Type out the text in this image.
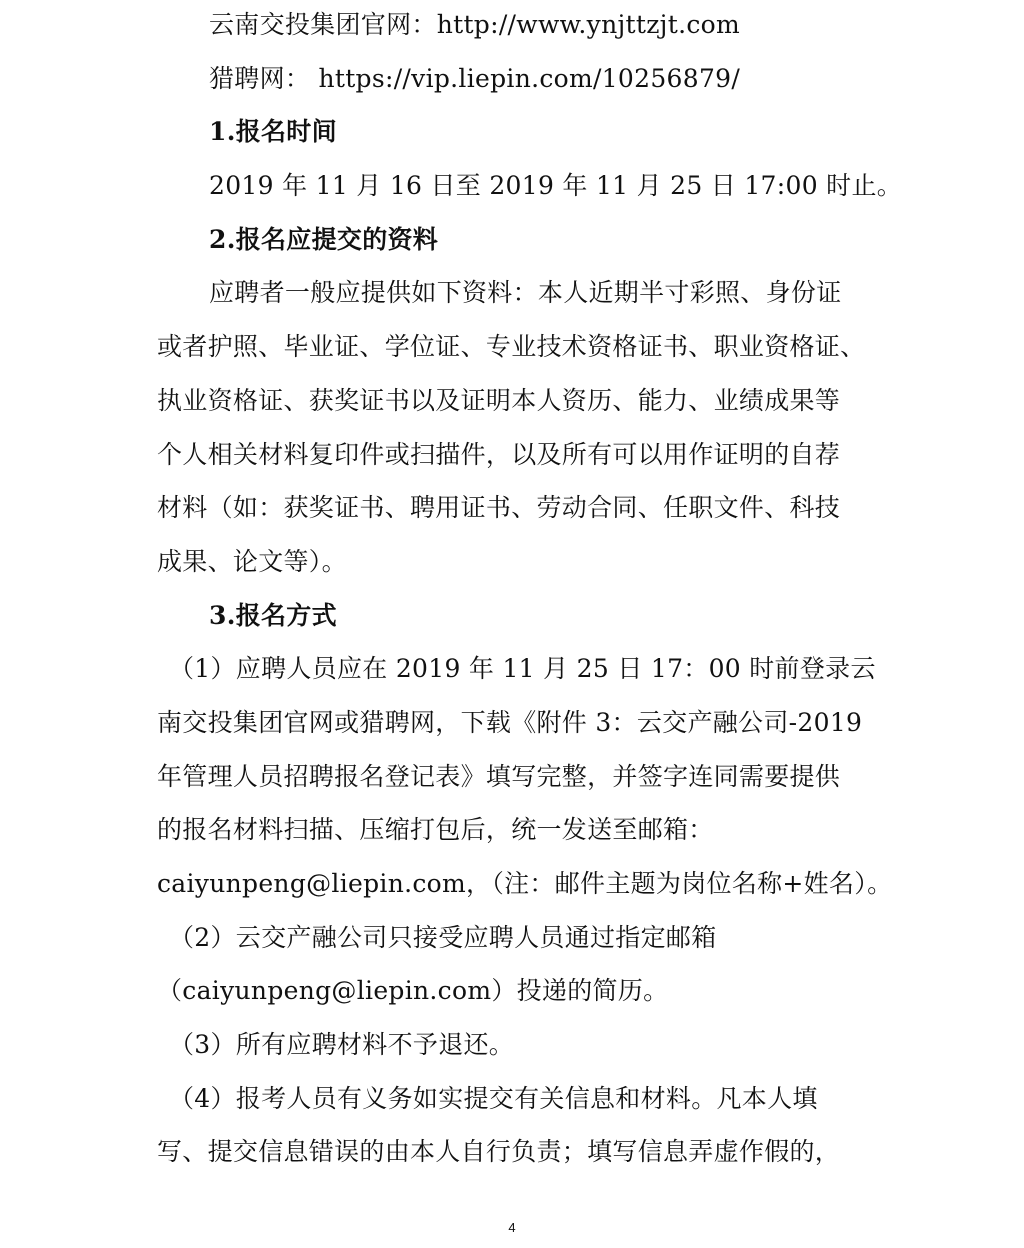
云南交投集团官网：http://www.ynjttzjt.com
猎聘网： https://vip.liepin.com/10256879/
1.报名时间
2019 年 11 月 16 日至 2019 年 11 月 25 日 17:00 时止。
2.报名应提交的资料
应聘者一般应提供如下资料：本人近期半寸彩照、身份证
或者护照、毕业证、学位证、专业技术资格证书、职业资格证、
执业资格证、获奖证书以及证明本人资历、能力、业绩成果等
个人相关材料复印件或扫描件，以及所有可以用作证明的自荐
材料（如：获奖证书、聘用证书、劳动合同、任职文件、科技
成果、论文等）。
3.报名方式
（1）应聘人员应在 2019 年 11 月 25 日 17：00 时前登录云
南交投集团官网或猎聘网，下载《附件 3：云交产融公司-2019
年管理人员招聘报名登记表》填写完整，并签字连同需要提供
的报名材料扫描、压缩打包后，统一发送至邮箱：
caiyunpeng@liepin.com，（注：邮件主题为岗位名称+姓名）。
（2）云交产融公司只接受应聘人员通过指定邮箱
（caiyunpeng@liepin.com）投递的简历。
（3）所有应聘材料不予退还。
（4）报考人员有义务如实提交有关信息和材料。凡本人填
写、提交信息错误的由本人自行负责；填写信息弄虚作假的，
4
